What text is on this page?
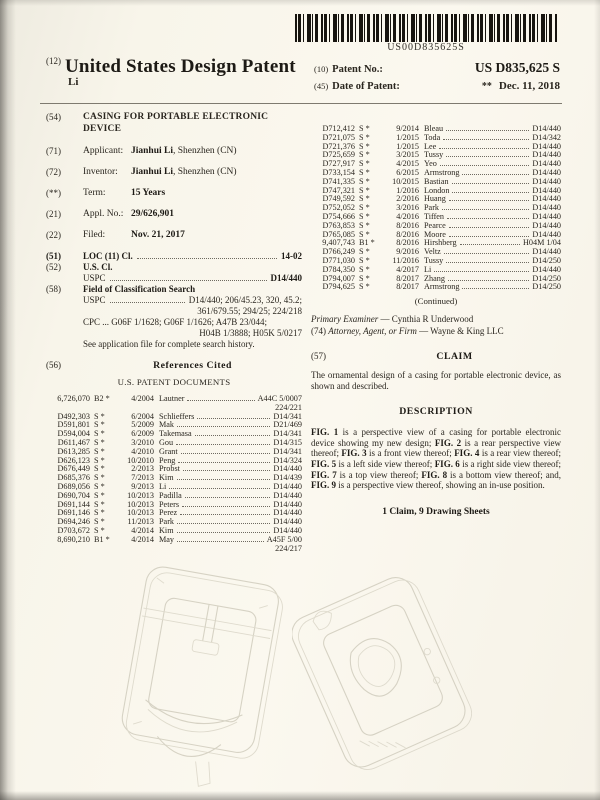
US00D835625S
$^{(12)}$ United States Design Patent
Li
(10) Patent No.:	US D835,625 S
(45) Date of Patent:	** Dec. 11, 2018
(54)	CASING FOR PORTABLE ELECTRONIC DEVICE
(71)	Applicant: Jianhui Li, Shenzhen (CN)
(72)	Inventor:	Jianhui Li, Shenzhen (CN)
(**)	Term:	15 Years
(21)	Appl. No.: 29/626,901
(22)	Filed:	Nov. 21, 2017
(51)	LOC (11) Cl.	14-02
(52)	U.S. Cl.
USPC	D14/440
(58)	Field of Classification Search
USPC	D14/440; 206/45.23, 320, 45.2;
361/679.55; 294/25; 224/218
CPC ... G06F 1/1628; G06F 1/1626; A47B 23/044;
H04B 1/3888; H05K 5/0217
See application file for complete search history.
(56)	References Cited
U.S. PATENT DOCUMENTS
6,726,070 B2 *	4/2004 Lautner	A44C 5/0007
224/221
D492,303 S *	6/2004 Schlieffers	D14/341
D591,801 S *	5/2009 Mak	D21/469
D594,004 S *	6/2009 Takemasa	D14/341
D611,467 S *	3/2010 Gou	D14/315
D613,285 S *	4/2010 Grant	D14/341
D626,123 S *	10/2010 Peng	D14/324
D676,449 S *	2/2013 Probst	D14/440
D685,376 S *	7/2013 Kim	D14/439
D689,056 S *	9/2013 Li	D14/440
D690,704 S *	10/2013 Padilla	D14/440
D691,144 S *	10/2013 Peters	D14/440
D691,146 S *	10/2013 Perez	D14/440
D694,246 S *	11/2013 Park	D14/440
D703,672 S *	4/2014 Kim	D14/440
8,690,210 B1 *	4/2014 May	A45F 5/00
224/217
D712,412 S *	9/2014 Bleau	D14/440
D721,075 S *	1/2015 Toda	D14/342
D721,376 S *	1/2015 Lee	D14/440
D725,659 S *	3/2015 Tussy	D14/440
D727,917 S *	4/2015 Yeo	D14/440
D733,154 S *	6/2015 Armstrong	D14/440
D741,335 S *	10/2015 Bastian	D14/440
D747,321 S *	1/2016 London	D14/440
D749,592 S *	2/2016 Huang	D14/440
D752,052 S *	3/2016 Park	D14/440
D754,666 S *	4/2016 Tiffen	D14/440
D763,853 S *	8/2016 Pearce	D14/440
D765,085 S *	8/2016 Moore	D14/440
9,407,743 B1 *	8/2016 Hirshberg	H04M 1/04
D766,249 S *	9/2016 Veltz	D14/440
D771,030 S *	11/2016 Tussy	D14/250
D784,350 S *	4/2017 Li	D14/440
D794,007 S *	8/2017 Zhang	D14/250
D794,625 S *	8/2017 Armstrong	D14/250
(Continued)
Primary Examiner — Cynthia R Underwood
(74) Attorney, Agent, or Firm — Wayne & King LLC
(57)	CLAIM
The ornamental design of a casing for portable electronic device, as shown and described.
DESCRIPTION
FIG. 1 is a perspective view of a casing for portable electronic device showing my new design; FIG. 2 is a rear perspective view thereof; FIG. 3 is a front view thereof; FIG. 4 is a rear view thereof; FIG. 5 is a left side view thereof; FIG. 6 is a right side view thereof; FIG. 7 is a top view thereof; FIG. 8 is a bottom view thereof; and, FIG. 9 is a perspective view thereof, showing an in-use position.
1 Claim, 9 Drawing Sheets
